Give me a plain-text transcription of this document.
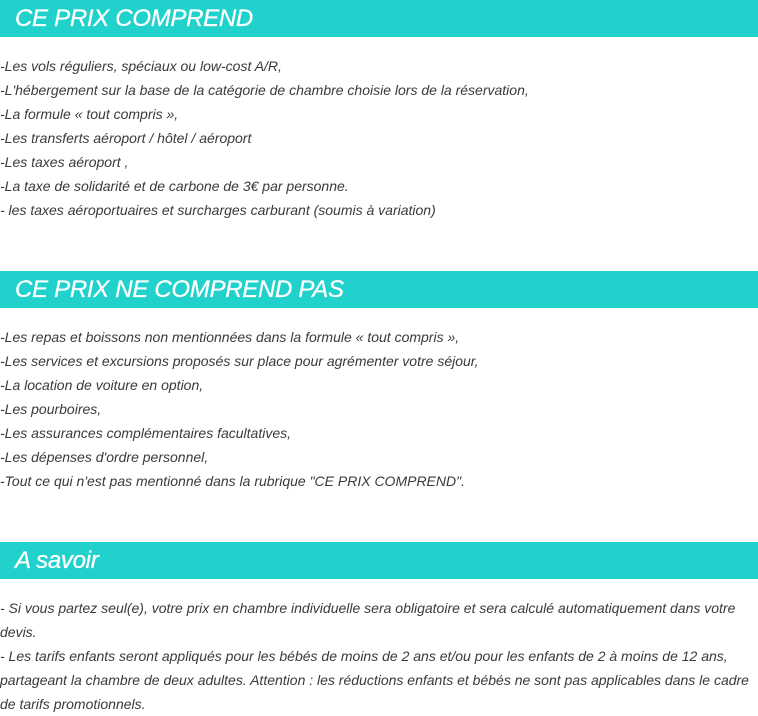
CE PRIX COMPREND
-Les vols réguliers, spéciaux ou low-cost A/R,
-L'hébergement sur la base de la catégorie de chambre choisie lors de la réservation,
-La formule « tout compris »,
-Les transferts aéroport / hôtel / aéroport
-Les taxes aéroport ,
-La taxe de solidarité et de carbone de 3€ par personne.
- les taxes aéroportuaires et surcharges carburant (soumis à variation)
CE PRIX NE COMPREND PAS
-Les repas et boissons non mentionnées dans la formule « tout compris »,
-Les services et excursions proposés sur place pour agrémenter votre séjour,
-La location de voiture en option,
-Les pourboires,
-Les assurances complémentaires facultatives,
-Les dépenses d'ordre personnel,
-Tout ce qui n'est pas mentionné dans la rubrique "CE PRIX COMPREND".
A savoir
- Si vous partez seul(e), votre prix en chambre individuelle sera obligatoire et sera calculé automatiquement dans votre devis.
- Les tarifs enfants seront appliqués pour les bébés de moins de 2 ans et/ou pour les enfants de 2 à moins de 12 ans, partageant la chambre de deux adultes. Attention : les réductions enfants et bébés ne sont pas applicables dans le cadre de tarifs promotionnels.
